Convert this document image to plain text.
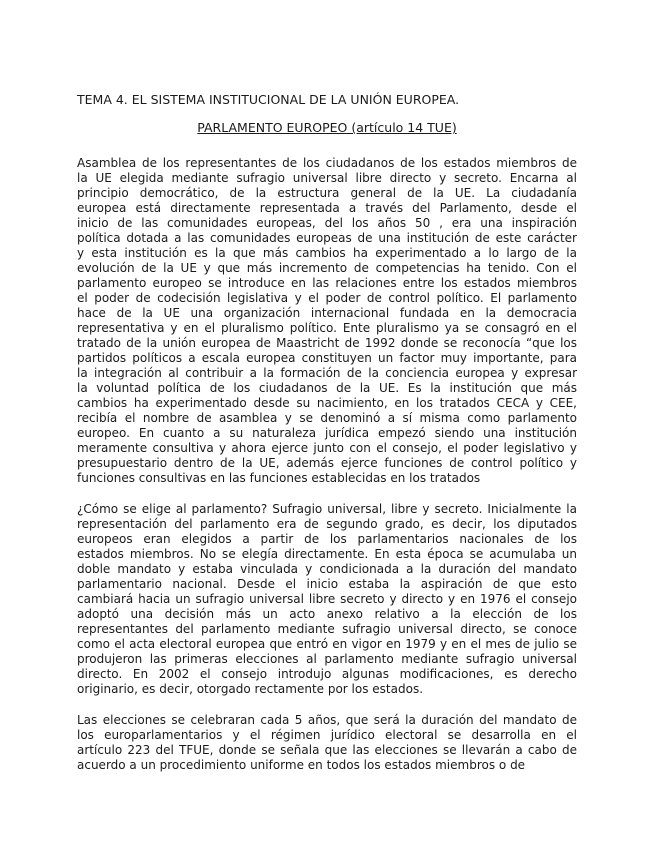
TEMA 4. EL SISTEMA INSTITUCIONAL DE LA UNIÓN EUROPEA.
PARLAMENTO EUROPEO (artículo 14 TUE)

Asamblea de los representantes de los ciudadanos de los estados miembros de
la UE elegida mediante sufragio universal libre directo y secreto. Encarna al
principio democrático, de la estructura general de la UE. La ciudadanía
europea está directamente representada a través del Parlamento, desde el
inicio de las comunidades europeas, del los años 50 , era una inspiración
política dotada a las comunidades europeas de una institución de este carácter
y esta institución es la que más cambios ha experimentado a lo largo de la
evolución de la UE y que más incremento de competencias ha tenido. Con el
parlamento europeo se introduce en las relaciones entre los estados miembros
el poder de codecisión legislativa y el poder de control político. El parlamento
hace de la UE una organización internacional fundada en la democracia
representativa y en el pluralismo político. Ente pluralismo ya se consagró en el
tratado de la unión europea de Maastricht de 1992 donde se reconocía “que los
partidos políticos a escala europea constituyen un factor muy importante, para
la integración al contribuir a la formación de la conciencia europea y expresar
la voluntad política de los ciudadanos de la UE. Es la institución que más
cambios ha experimentado desde su nacimiento, en los tratados CECA y CEE,
recibía el nombre de asamblea y se denominó a sí misma como parlamento
europeo. En cuanto a su naturaleza jurídica empezó siendo una institución
meramente consultiva y ahora ejerce junto con el consejo, el poder legislativo y
presupuestario dentro de la UE, además ejerce funciones de control político y
funciones consultivas en las funciones establecidas en los tratados

¿Cómo se elige al parlamento? Sufragio universal, libre y secreto. Inicialmente la
representación del parlamento era de segundo grado, es decir, los diputados
europeos eran elegidos a partir de los parlamentarios nacionales de los
estados miembros. No se elegía directamente. En esta época se acumulaba un
doble mandato y estaba vinculada y condicionada a la duración del mandato
parlamentario nacional. Desde el inicio estaba la aspiración de que esto
cambiará hacia un sufragio universal libre secreto y directo y en 1976 el consejo
adoptó una decisión más un acto anexo relativo a la elección de los
representantes del parlamento mediante sufragio universal directo, se conoce
como el acta electoral europea que entró en vigor en 1979 y en el mes de julio se
produjeron las primeras elecciones al parlamento mediante sufragio universal
directo. En 2002 el consejo introdujo algunas modificaciones, es derecho
originario, es decir, otorgado rectamente por los estados.

Las elecciones se celebraran cada 5 años, que será la duración del mandato de
los europarlamentarios y el régimen jurídico electoral se desarrolla en el
artículo 223 del TFUE, donde se señala que las elecciones se llevarán a cabo de
acuerdo a un procedimiento uniforme en todos los estados miembros o de
